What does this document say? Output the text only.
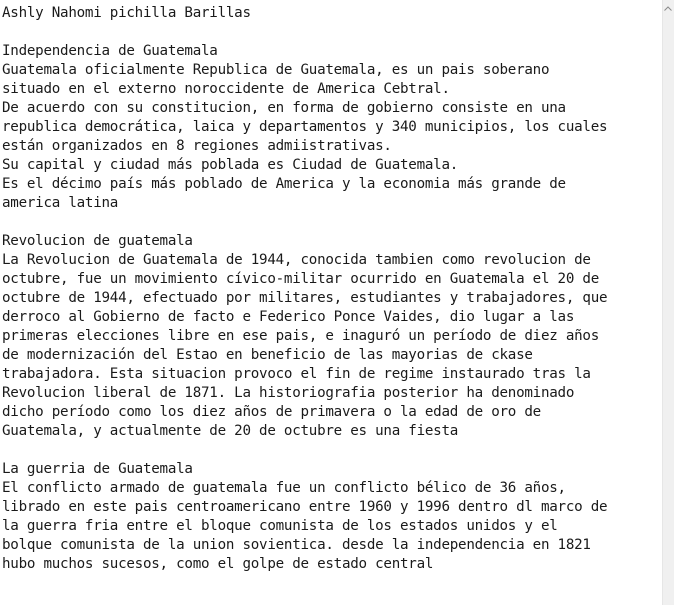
Ashly Nahomi pichilla Barillas
Independencia de Guatemala
Guatemala oficialmente Republica de Guatemala, es un pais soberano
situado en el externo noroccidente de America Cebtral.
De acuerdo con su constitucion, en forma de gobierno consiste en una
republica democrática, laica y departamentos y 340 municipios, los cuales
están organizados en 8 regiones admiistrativas.
Su capital y ciudad más poblada es Ciudad de Guatemala.
Es el décimo país más poblado de America y la economia más grande de
america latina
Revolucion de guatemala
La Revolucion de Guatemala de 1944, conocida tambien como revolucion de
octubre, fue un movimiento cívico-militar ocurrido en Guatemala el 20 de
octubre de 1944, efectuado por militares, estudiantes y trabajadores, que
derroco al Gobierno de facto e Federico Ponce Vaides, dio lugar a las
primeras elecciones libre en ese pais, e inaguró un período de diez años
de modernización del Estao en beneficio de las mayorias de ckase
trabajadora. Esta situacion provoco el fin de regime instaurado tras la
Revolucion liberal de 1871. La historiografia posterior ha denominado
dicho período como los diez años de primavera o la edad de oro de
Guatemala, y actualmente de 20 de octubre es una fiesta
La guerria de Guatemala
El conflicto armado de guatemala fue un conflicto bélico de 36 años,
librado en este pais centroamericano entre 1960 y 1996 dentro dl marco de
la guerra fria entre el bloque comunista de los estados unidos y el
bolque comunista de la union sovientica. desde la independencia en 1821
hubo muchos sucesos, como el golpe de estado central
